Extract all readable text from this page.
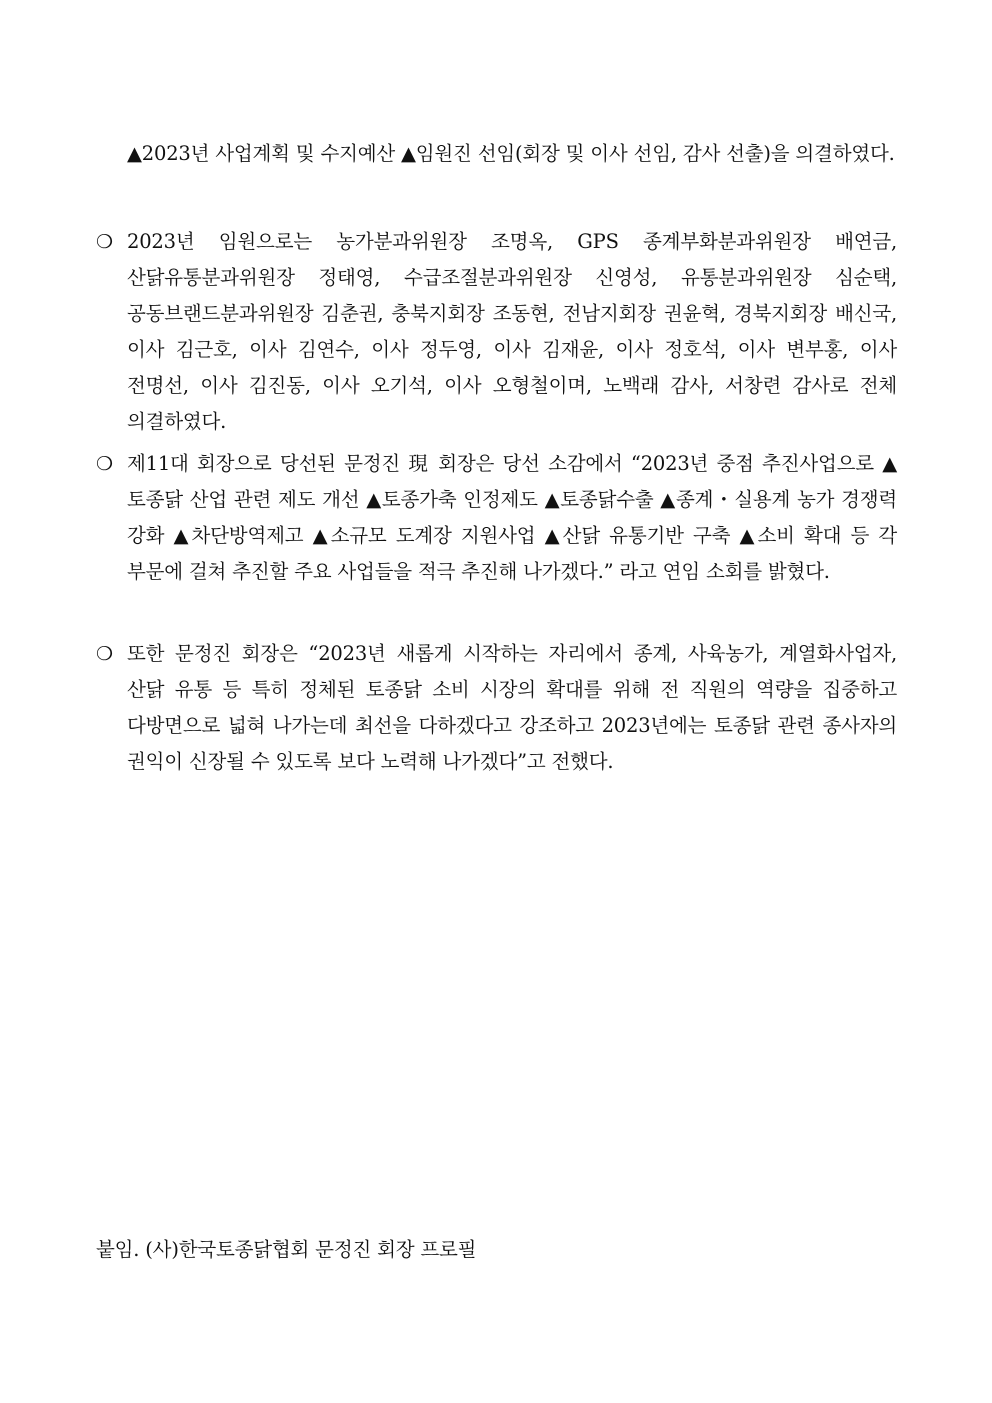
▲2023년 사업계획 및 수지예산 ▲임원진 선임(회장 및 이사 선임, 감사 선출)을 의결하였다.
❍ 2023년 임원으로는 농가분과위원장 조명옥, GPS 종계부화분과위원장 배연금, 산닭유통분과위원장 정태영, 수급조절분과위원장 신영성, 유통분과위원장 심순택, 공동브랜드분과위원장 김춘권, 충북지회장 조동현, 전남지회장 권윤혁, 경북지회장 배신국, 이사 김근호, 이사 김연수, 이사 정두영, 이사 김재윤, 이사 정호석, 이사 변부홍, 이사 전명선, 이사 김진동, 이사 오기석, 이사 오형철이며, 노백래 감사, 서창련 감사로 전체 의결하였다.
❍ 제11대 회장으로 당선된 문정진 現 회장은 당선 소감에서 “2023년 중점 추진사업으로 ▲토종닭 산업 관련 제도 개선 ▲토종가축 인정제도 ▲토종닭수출 ▲종계・실용계 농가 경쟁력 강화 ▲차단방역제고 ▲소규모 도계장 지원사업 ▲산닭 유통기반 구축 ▲소비 확대 등 각 부문에 걸쳐 추진할 주요 사업들을 적극 추진해 나가겠다.” 라고 연임 소회를 밝혔다.
❍ 또한 문정진 회장은 “2023년 새롭게 시작하는 자리에서 종계, 사육농가, 계열화사업자, 산닭 유통 등 특히 정체된 토종닭 소비 시장의 확대를 위해 전 직원의 역량을 집중하고 다방면으로 넓혀 나가는데 최선을 다하겠다고 강조하고 2023년에는 토종닭 관련 종사자의 권익이 신장될 수 있도록 보다 노력해 나가겠다”고 전했다.
붙임. (사)한국토종닭협회 문정진 회장 프로필
